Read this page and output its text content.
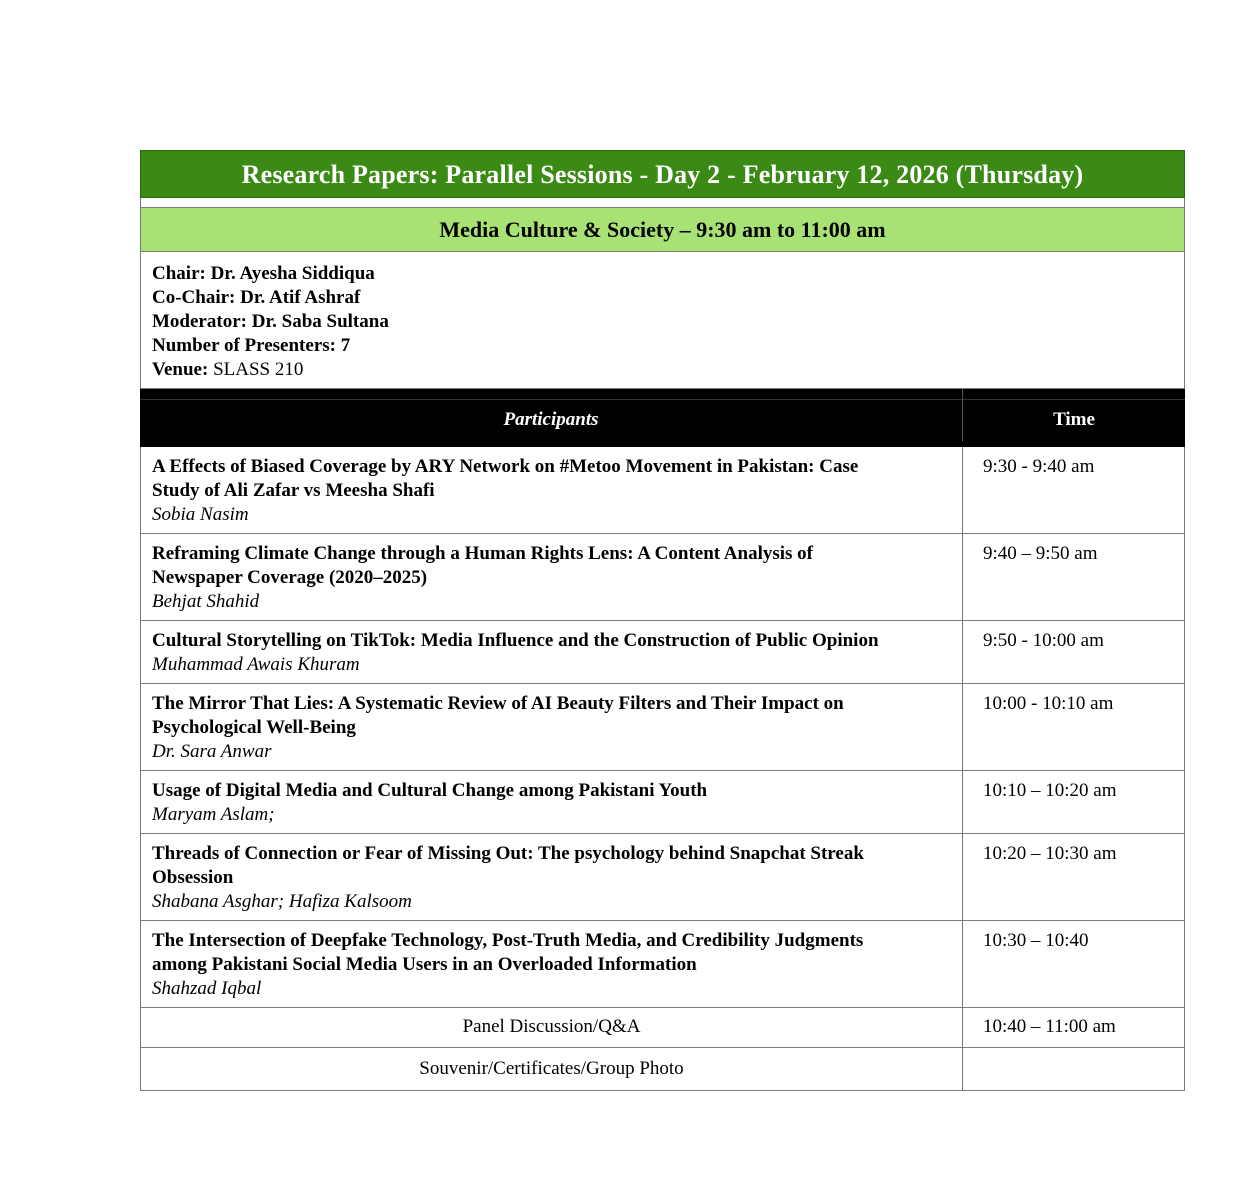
Research Papers: Parallel Sessions - Day 2 - February 12, 2026 (Thursday)
Media Culture & Society – 9:30 am to 11:00 am
Chair: Dr. Ayesha Siddiqua
Co-Chair: Dr. Atif Ashraf
Moderator: Dr. Saba Sultana
Number of Presenters: 7
Venue: SLASS 210
Participants	Time
A Effects of Biased Coverage by ARY Network on #Metoo Movement in Pakistan: Case
Study of Ali Zafar vs Meesha Shafi
Sobia Nasim
9:30 - 9:40 am
Reframing Climate Change through a Human Rights Lens: A Content Analysis of
Newspaper Coverage (2020–2025)
Behjat Shahid
9:40 – 9:50 am
Cultural Storytelling on TikTok: Media Influence and the Construction of Public Opinion
Muhammad Awais Khuram
9:50 - 10:00 am
The Mirror That Lies: A Systematic Review of AI Beauty Filters and Their Impact on
Psychological Well-Being
Dr. Sara Anwar
10:00 - 10:10 am
Usage of Digital Media and Cultural Change among Pakistani Youth
Maryam Aslam;
10:10 – 10:20 am
Threads of Connection or Fear of Missing Out: The psychology behind Snapchat Streak
Obsession
Shabana Asghar; Hafiza Kalsoom
10:20 – 10:30 am
The Intersection of Deepfake Technology, Post-Truth Media, and Credibility Judgments
among Pakistani Social Media Users in an Overloaded Information
Shahzad Iqbal
10:30 – 10:40
Panel Discussion/Q&A	10:40 – 11:00 am
Souvenir/Certificates/Group Photo
